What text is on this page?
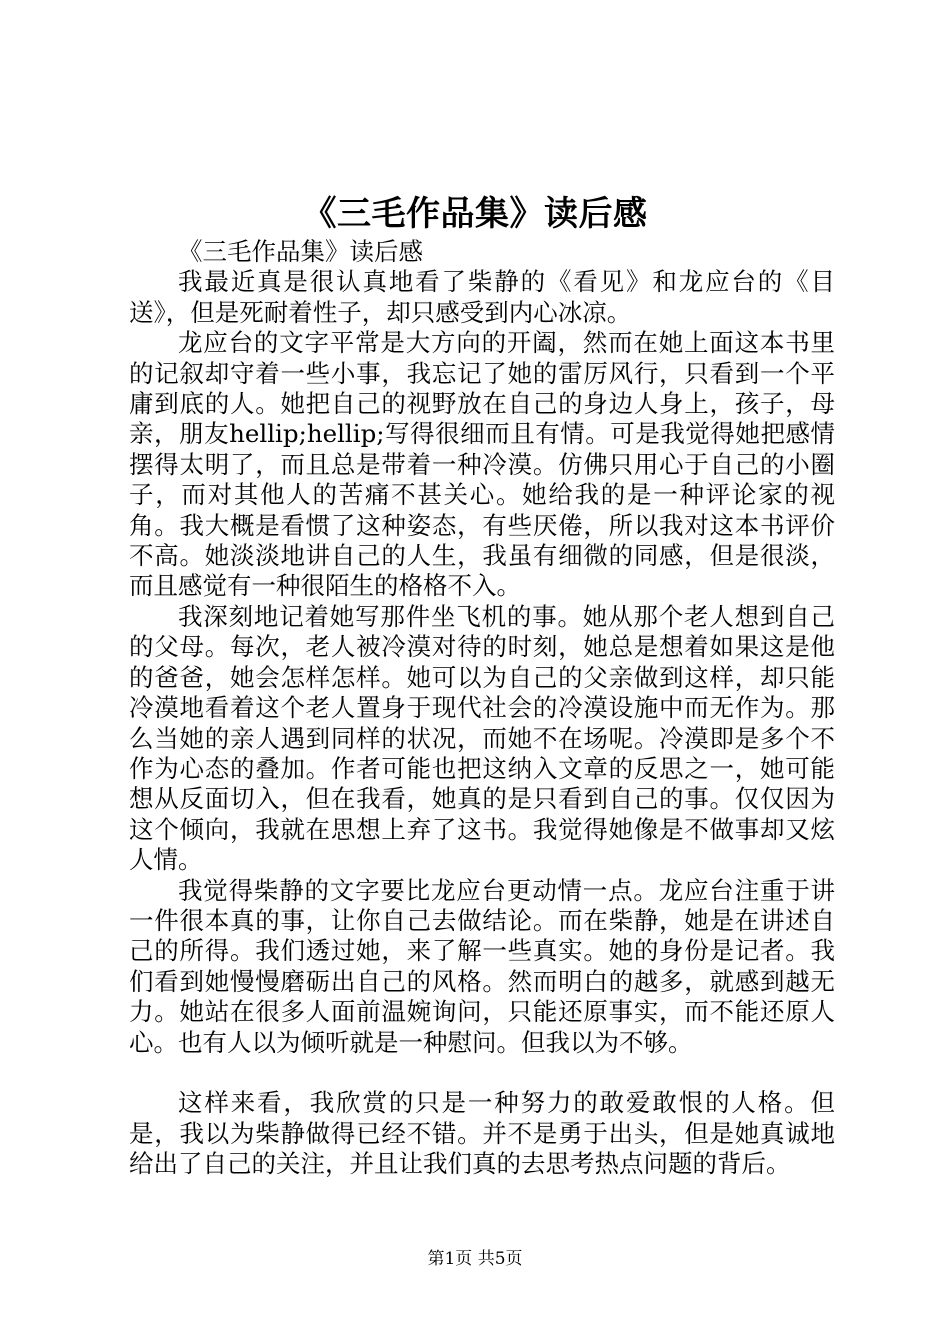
《三毛作品集》读后感

《三毛作品集》读后感

我最近真是很认真地看了柴静的《看见》和龙应台的《目送》，但是死耐着性子，却只感受到内心冰凉。

龙应台的文字平常是大方向的开阖，然而在她上面这本书里的记叙却守着一些小事，我忘记了她的雷厉风行，只看到一个平庸到底的人。她把自己的视野放在自己的身边人身上，孩子，母亲，朋友hellip;hellip;写得很细而且有情。可是我觉得她把感情摆得太明了，而且总是带着一种冷漠。仿佛只用心于自己的小圈子，而对其他人的苦痛不甚关心。她给我的是一种评论家的视角。我大概是看惯了这种姿态，有些厌倦，所以我对这本书评价不高。她淡淡地讲自己的人生，我虽有细微的同感，但是很淡，而且感觉有一种很陌生的格格不入。

我深刻地记着她写那件坐飞机的事。她从那个老人想到自己的父母。每次，老人被冷漠对待的时刻，她总是想着如果这是他的爸爸，她会怎样怎样。她可以为自己的父亲做到这样，却只能冷漠地看着这个老人置身于现代社会的冷漠设施中而无作为。那么当她的亲人遇到同样的状况，而她不在场呢。冷漠即是多个不作为心态的叠加。作者可能也把这纳入文章的反思之一，她可能想从反面切入，但在我看，她真的是只看到自己的事。仅仅因为这个倾向，我就在思想上弃了这书。我觉得她像是不做事却又炫人情。

我觉得柴静的文字要比龙应台更动情一点。龙应台注重于讲一件很本真的事，让你自己去做结论。而在柴静，她是在讲述自己的所得。我们透过她，来了解一些真实。她的身份是记者。我们看到她慢慢磨砺出自己的风格。然而明白的越多，就感到越无力。她站在很多人面前温婉询问，只能还原事实，而不能还原人心。也有人以为倾听就是一种慰问。但我以为不够。

这样来看，我欣赏的只是一种努力的敢爱敢恨的人格。但是，我以为柴静做得已经不错。并不是勇于出头，但是她真诚地给出了自己的关注，并且让我们真的去思考热点问题的背后。

第1页 共5页
